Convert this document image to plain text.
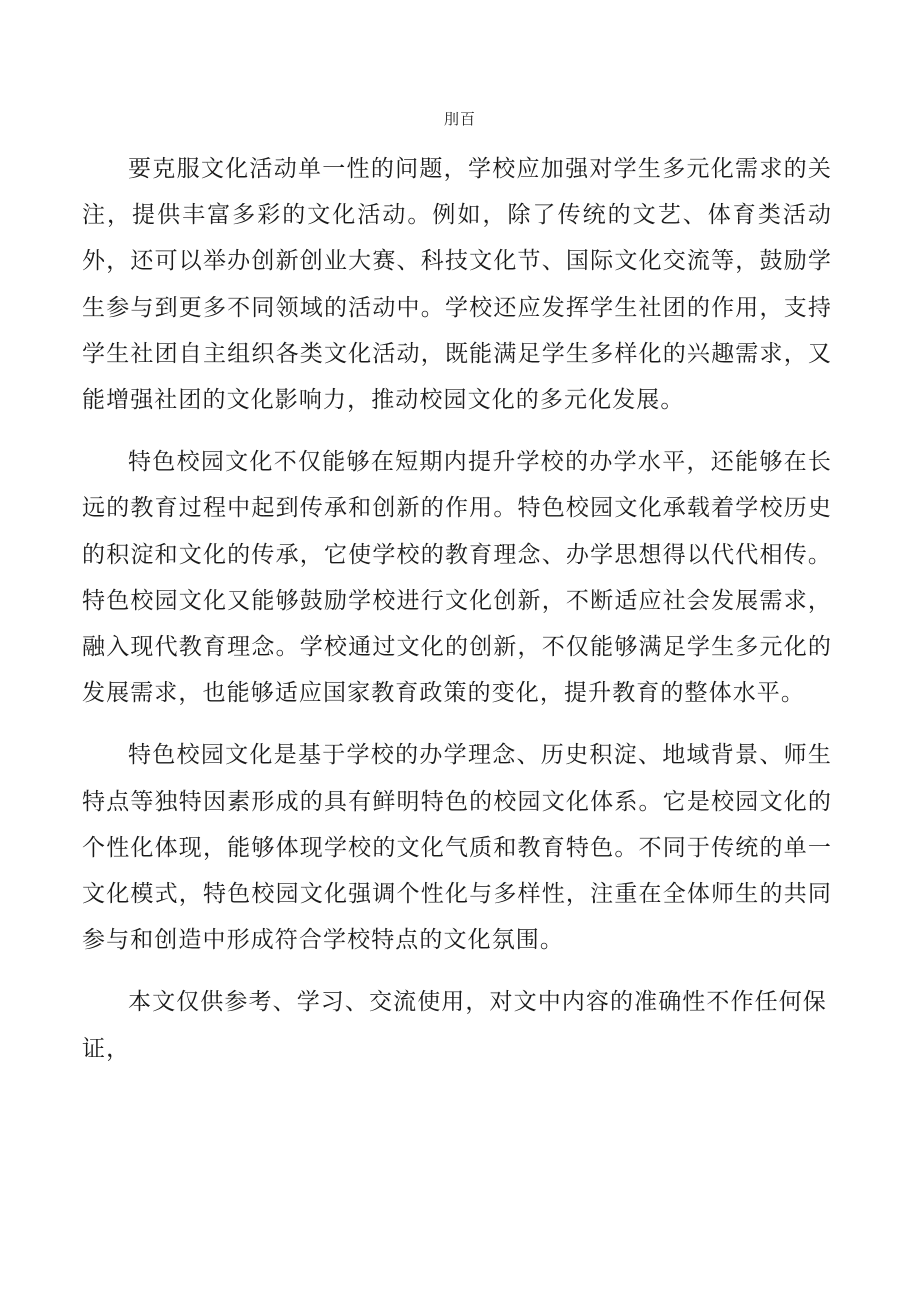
刖百

要克服文化活动单一性的问题，学校应加强对学生多元化需求的关注，提供丰富多彩的文化活动。例如，除了传统的文艺、体育类活动外，还可以举办创新创业大赛、科技文化节、国际文化交流等，鼓励学生参与到更多不同领域的活动中。学校还应发挥学生社团的作用，支持学生社团自主组织各类文化活动，既能满足学生多样化的兴趣需求，又能增强社团的文化影响力，推动校园文化的多元化发展。

特色校园文化不仅能够在短期内提升学校的办学水平，还能够在长远的教育过程中起到传承和创新的作用。特色校园文化承载着学校历史的积淀和文化的传承，它使学校的教育理念、办学思想得以代代相传。特色校园文化又能够鼓励学校进行文化创新，不断适应社会发展需求，融入现代教育理念。学校通过文化的创新，不仅能够满足学生多元化的发展需求，也能够适应国家教育政策的变化，提升教育的整体水平。

特色校园文化是基于学校的办学理念、历史积淀、地域背景、师生特点等独特因素形成的具有鲜明特色的校园文化体系。它是校园文化的个性化体现，能够体现学校的文化气质和教育特色。不同于传统的单一文化模式，特色校园文化强调个性化与多样性，注重在全体师生的共同参与和创造中形成符合学校特点的文化氛围。

本文仅供参考、学习、交流使用，对文中内容的准确性不作任何保证，
